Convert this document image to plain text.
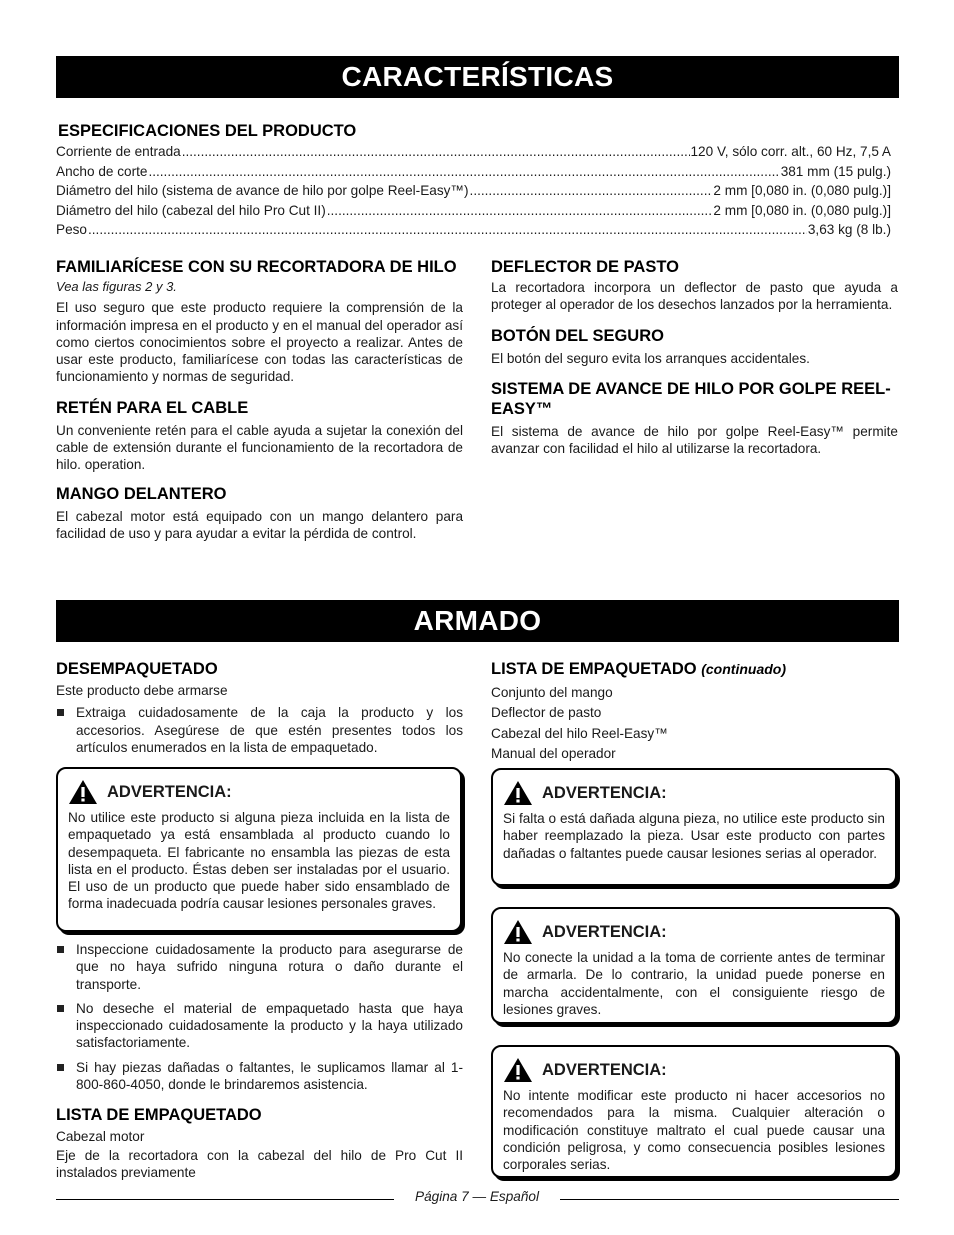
CARACTERÍSTICAS
ESPECIFICACIONES DEL PRODUCTO
Corriente de entrada .....	120 V, sólo corr. alt., 60 Hz, 7,5 A
Ancho de corte .....	381 mm (15 pulg.)
Diámetro del hilo (sistema de avance de hilo por golpe Reel-Easy™) .....	2 mm [0,080 in. (0,080 pulg.)]
Diámetro del hilo (cabezal del hilo Pro Cut II) .....	2 mm [0,080 in. (0,080 pulg.)]
Peso .....	3,63 kg (8 lb.)
FAMILIARÍCESE CON SU RECORTADORA DE HILO

Vea las figuras 2 y 3.

El uso seguro que este producto requiere la comprensión de la información impresa en el producto y en el manual del operador así como ciertos conocimientos sobre el proyecto a realizar. Antes de usar este producto, familiarícese con todas las características de funcionamiento y normas de seguridad.

RETÉN PARA EL CABLE

Un conveniente retén para el cable ayuda a sujetar la conexión del cable de extensión durante el funcionamiento de la recortadora de hilo. operation.

MANGO DELANTERO

El cabezal motor está equipado con un mango delantero para facilidad de uso y para ayudar a evitar la pérdida de control.

DEFLECTOR DE PASTO

La recortadora incorpora un deflector de pasto que ayuda a proteger al operador de los desechos lanzados por la herramienta.

BOTÓN DEL SEGURO

El botón del seguro evita los arranques accidentales.

SISTEMA DE AVANCE DE HILO POR GOLPE REEL-EASY™

El sistema de avance de hilo por golpe Reel-Easy™ permite avanzar con facilidad el hilo al utilizarse la recortadora.

ARMADO
DESEMPAQUETADO

Este producto debe armarse

Extraiga cuidadosamente de la caja la producto y los accesorios. Asegúrese de que estén presentes todos los artículos enumerados en la lista de empaquetado.
ADVERTENCIA:

No utilice este producto si alguna pieza incluida en la lista de empaquetado ya está ensamblada al producto cuando lo desempaqueta. El fabricante no ensambla las piezas de esta lista en el producto. Éstas deben ser instaladas por el usuario. El uso de un producto que puede haber sido ensamblado de forma inadecuada podría causar lesiones personales graves.

Inspeccione cuidadosamente la producto para asegurarse de que no haya sufrido ninguna rotura o daño durante el transporte.
No deseche el material de empaquetado hasta que haya inspeccionado cuidadosamente la producto y la haya utilizado satisfactoriamente.
Si hay piezas dañadas o faltantes, le suplicamos llamar al 1-800-860-4050, donde le brindaremos asistencia.
LISTA DE EMPAQUETADO

Cabezal motor

Eje de la recortadora con la cabezal del hilo de Pro Cut II instalados previamente

LISTA DE EMPAQUETADO (continuado)

Conjunto del mango

Deflector de pasto

Cabezal del hilo Reel-Easy™

Manual del operador

ADVERTENCIA:

Si falta o está dañada alguna pieza, no utilice este producto sin haber reemplazado la pieza. Usar este producto con partes dañadas o faltantes puede causar lesiones serias al operador.

ADVERTENCIA:

No conecte la unidad a la toma de corriente antes de terminar de armarla. De lo contrario, la unidad puede ponerse en marcha accidentalmente, con el consiguiente riesgo de lesiones graves.

ADVERTENCIA:

No intente modificar este producto ni hacer accesorios no recomendados para la misma. Cualquier alteración o modificación constituye maltrato el cual puede causar una condición peligrosa, y como consecuencia posibles lesiones corporales serias.

Página 7 — Español
